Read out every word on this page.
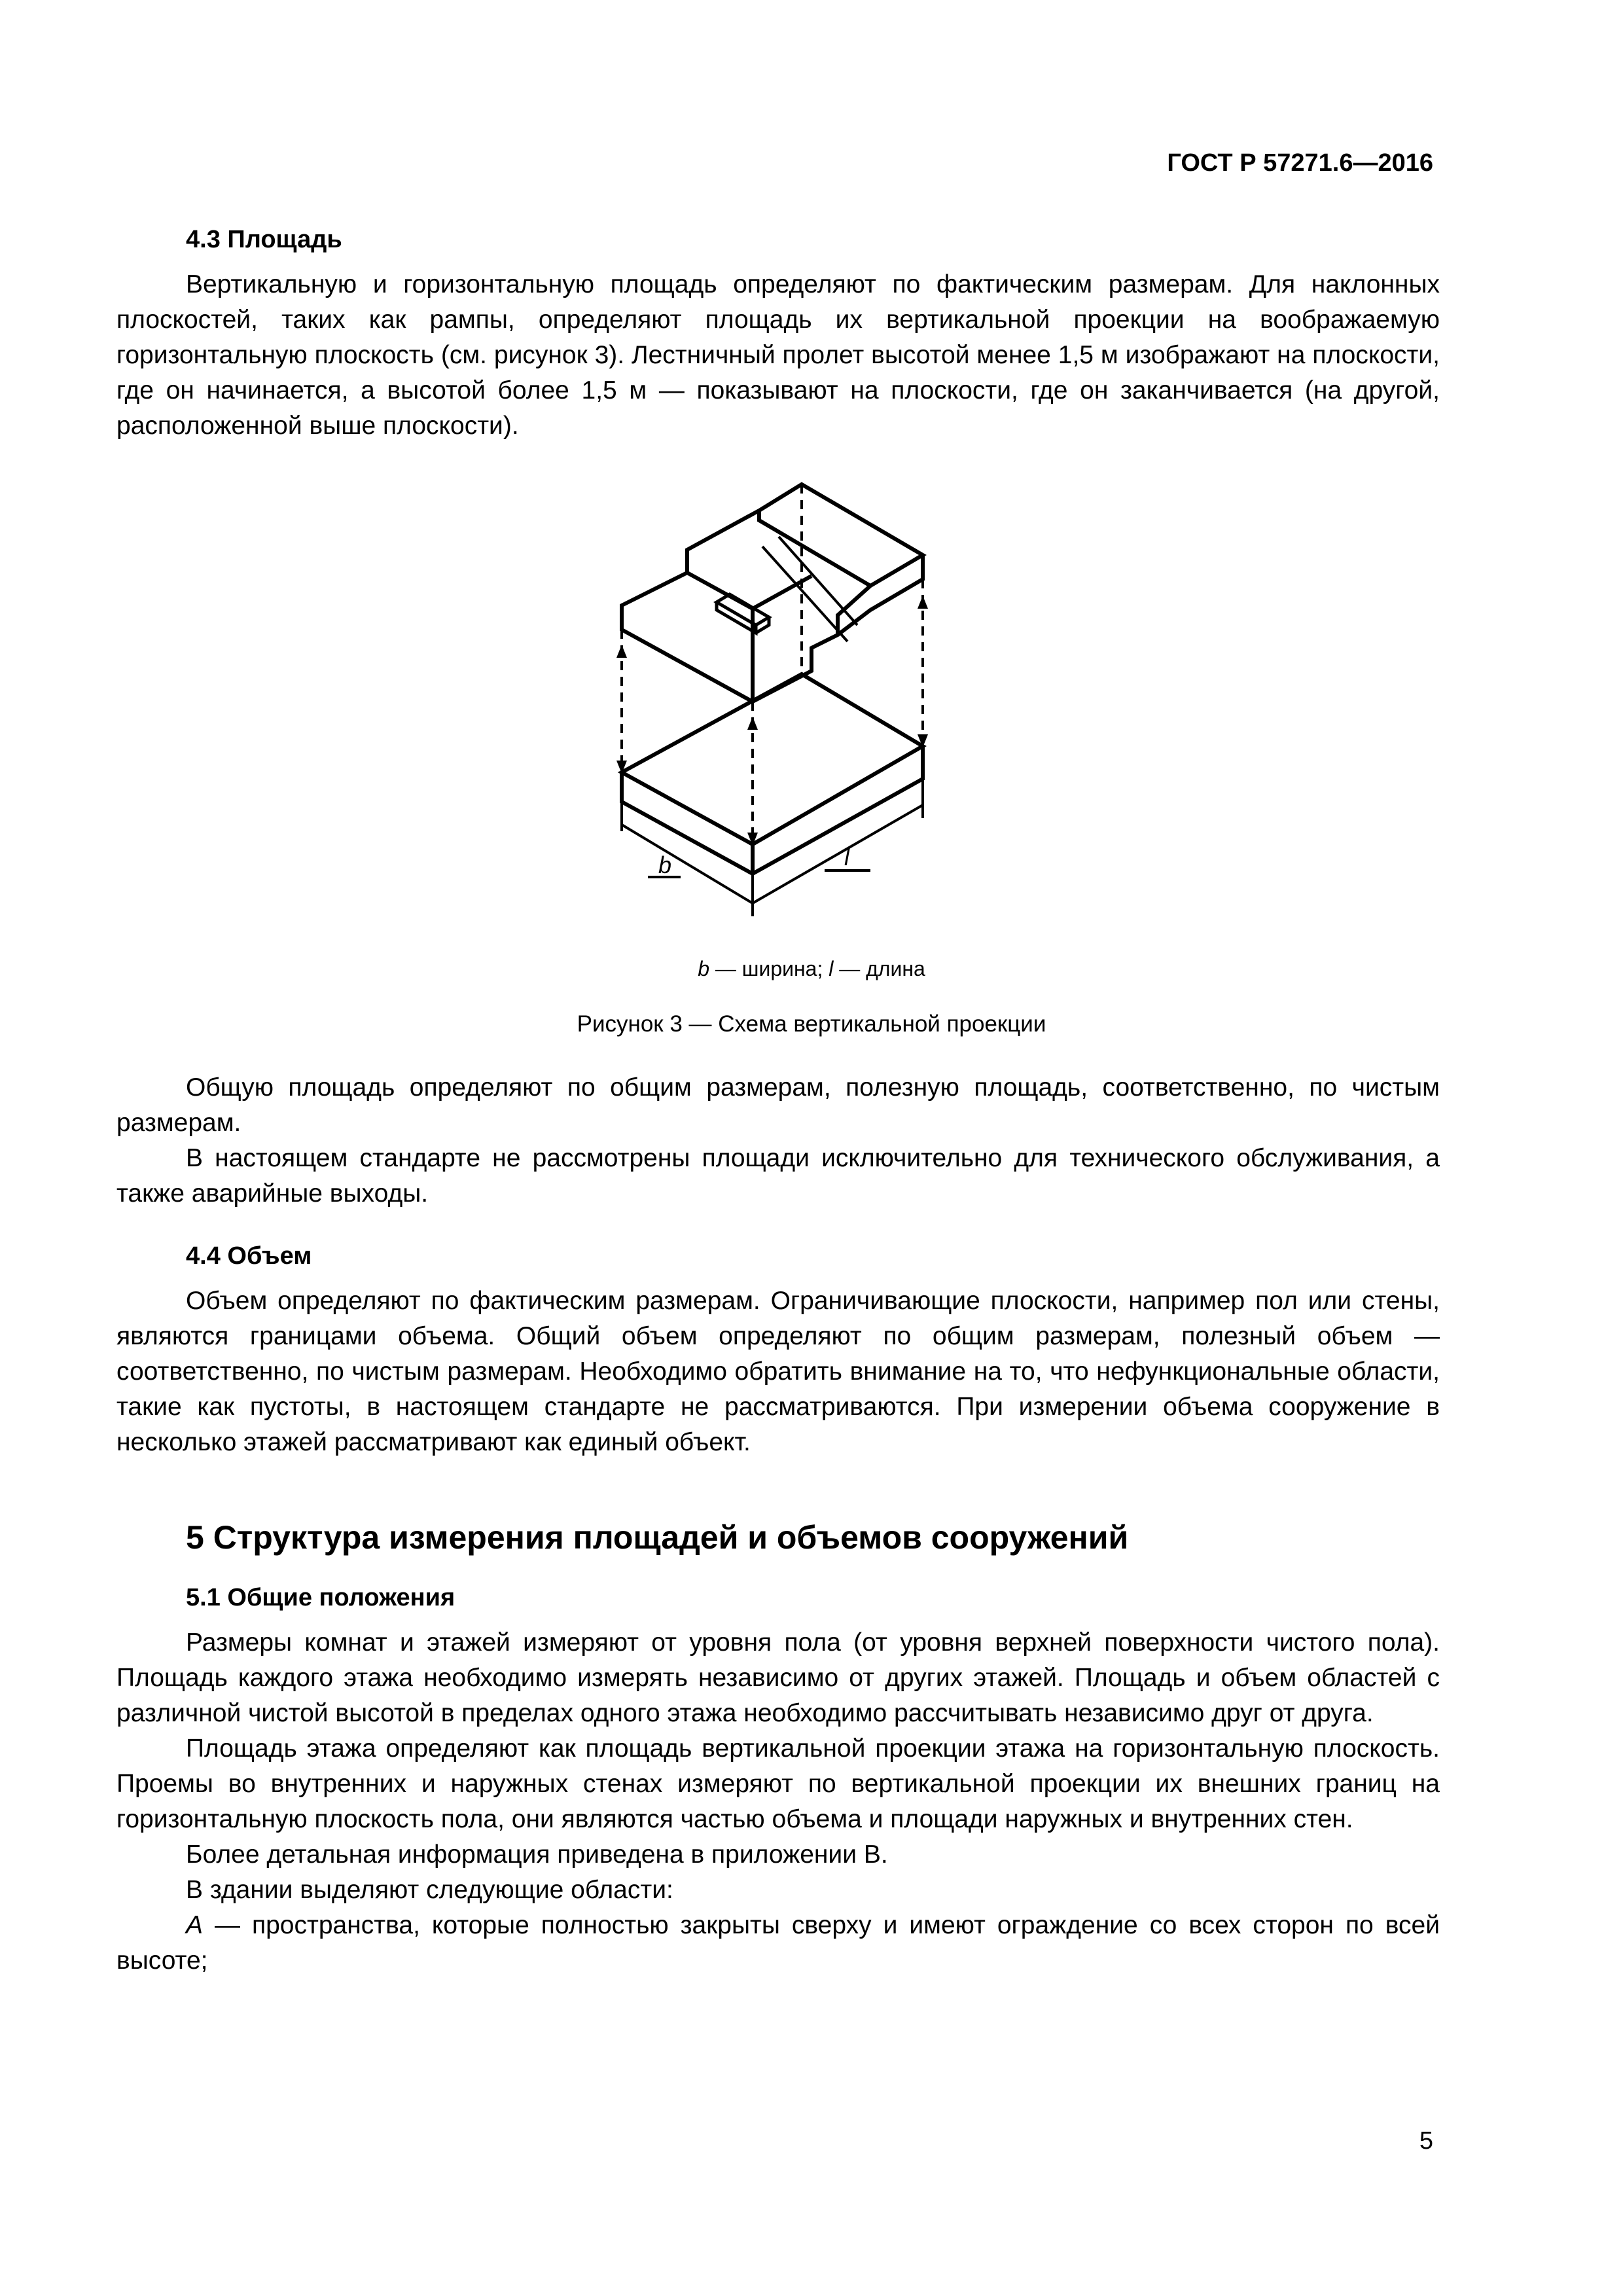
ГОСТ Р 57271.6—2016
4.3 Площадь

Вертикальную и горизонтальную площадь определяют по фактическим размерам. Для наклонных плоскостей, таких как рампы, определяют площадь их вертикальной проекции на воображаемую горизонтальную плоскость (см. рисунок 3). Лестничный пролет высотой менее 1,5 м изображают на плоскости, где он начинается, а высотой более 1,5 м — показывают на плоскости, где он заканчивается (на другой, расположенной выше плоскости).

b	l
b — ширина; l — длина
Рисунок 3 — Схема вертикальной проекции

Общую площадь определяют по общим размерам, полезную площадь, соответственно, по чистым размерам.

В настоящем стандарте не рассмотрены площади исключительно для технического обслуживания, а также аварийные выходы.

4.4 Объем

Объем определяют по фактическим размерам. Ограничивающие плоскости, например пол или стены, являются границами объема. Общий объем определяют по общим размерам, полезный объем — соответственно, по чистым размерам. Необходимо обратить внимание на то, что нефункциональные области, такие как пустоты, в настоящем стандарте не рассматриваются. При измерении объема сооружение в несколько этажей рассматривают как единый объект.

5 Структура измерения площадей и объемов сооружений
5.1 Общие положения

Размеры комнат и этажей измеряют от уровня пола (от уровня верхней поверхности чистого пола). Площадь каждого этажа необходимо измерять независимо от других этажей. Площадь и объем областей с различной чистой высотой в пределах одного этажа необходимо рассчитывать независимо друг от друга.

Площадь этажа определяют как площадь вертикальной проекции этажа на горизонтальную плоскость. Проемы во внутренних и наружных стенах измеряют по вертикальной проекции их внешних границ на горизонтальную плоскость пола, они являются частью объема и площади наружных и внутренних стен.

Более детальная информация приведена в приложении В.

В здании выделяют следующие области:

A — пространства, которые полностью закрыты сверху и имеют ограждение со всех сторон по всей высоте;

5
